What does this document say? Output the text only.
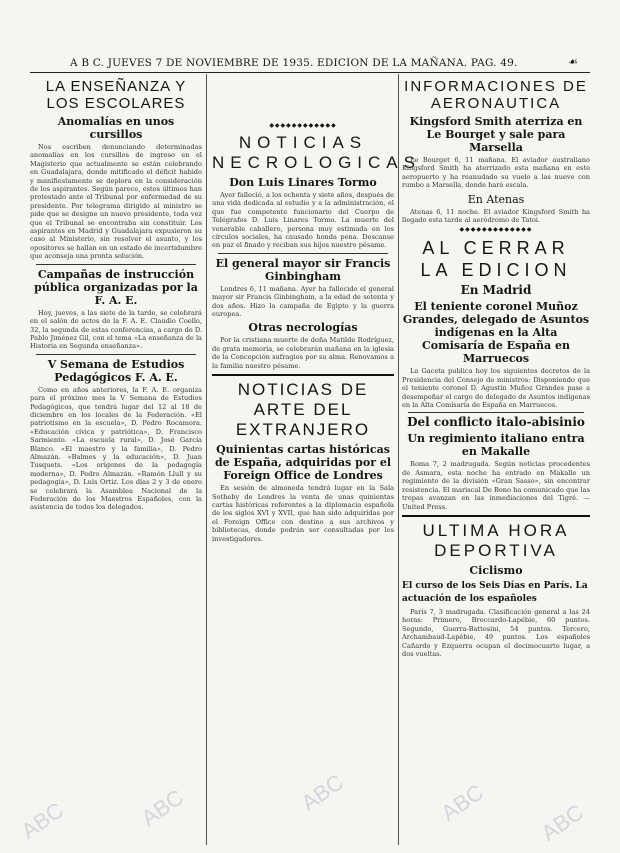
A B C. JUEVES 7 DE NOVIEMBRE DE 1935. EDICION DE LA MAÑANA. PAG. 49.	☙
LA ENSEÑANZA Y LOS ESCOLARES
Anomalías en unos cursillos

Nos escriben denunciando determinadas anomalías en los cursillos de ingreso en el Magisterio que actualmente se están celebrando en Guadalajara, donde mitificado el déficit habido y manifiestamente se deplora en la consideración de los aspirantes. Según parece, estos últimos han protestado ante el Tribunal por enfermedad de su presidente. Por telegrama dirigido al ministro se pide que se designe un nuevo presidente, toda vez que el Tribunal se encontraba sin constituir. Los aspirantes en Madrid y Guadalajara expusieron su caso al Ministerio, sin resolver el asunto, y los opositores se hallan en un estado de incertidumbre que aconseja una pronta solución.

Campañas de instrucción pública organizadas por la F. A. E.

Hoy, jueves, a las siete de la tarde, se celebrará en el salón de actos de la F. A. E. Claudio Coello, 32, la segunda de estas conferencias, a cargo de D. Pablo Jiménez Gil, con el tema «La enseñanza de la Historia en Segunda enseñanza».

V Semana de Estudios Pedagógicos F. A. E.

Como en años anteriores, la F. A. E. organiza para el próximo mes la V Semana de Estudios Pedagógicos, que tendrá lugar del 12 al 18 de diciembre en los locales de la Federación. «El patriotismo en la escuela», D. Pedro Rocamora. «Educación cívica y patriótica», D. Francisco Sarmiento. «La escuela rural», D. José García Blanco. «El maestro y la familia», D. Pedro Almazán. «Balmes y la educación», D. Juan Tusquets. «Los orígenes de la pedagogía moderna», D. Pedro Almazán. «Ramón Llull y su pedagogía», D. Luis Ortiz. Los días 2 y 3 de enero se celebrará la Asamblea Nacional de la Federación de los Maestros Españoles, con la asistencia de todos los delegados.

◆◆◆◆◆◆◆◆◆◆◆◆
NOTICIAS NECROLOGICAS
Don Luis Linares Tormo

Ayer falleció, a los ochenta y siete años, después de una vida dedicada al estudio y a la administración, el que fue competente funcionario del Cuerpo de Telégrafos D. Luis Linares Tormo. La muerte del venerable caballero, persona muy estimada en los círculos sociales, ha causado honda pena. Descanse en paz el finado y reciban sus hijos nuestro pésame.

El general mayor sir Francis Ginbingham

Londres 6, 11 mañana. Ayer ha fallecido el general mayor sir Francis Ginbingham, a la edad de setenta y dos años. Hizo la campaña de Egipto y la guerra europea.

Otras necrologías

Por la cristiana muerte de doña Matilde Rodríguez, de grata memoria, se celebrarán mañana en la iglesia de la Concepción sufragios por su alma. Renovamos a la familia nuestro pésame.

NOTICIAS DE ARTE DEL EXTRANJERO
Quinientas cartas históricas de España, adquiridas por el Foreign Office de Londres

En sesión de almoneda tendrá lugar en la Sala Sotheby de Londres la venta de unas quinientas cartas históricas referentes a la diplomacia española de los siglos XVI y XVII, que han sido adquiridas por el Foreign Office con destino a sus archivos y bibliotecas, donde podrán ser consultadas por los investigadores.

INFORMACIONES DE AERONAUTICA
Kingsford Smith aterriza en Le Bourget y sale para Marsella

Le Bourget 6, 11 mañana. El aviador australiano Kingsford Smith ha aterrizado esta mañana en este aeropuerto y ha reanudado su vuelo a las nueve con rumbo a Marsella, donde hará escala.

En Atenas

Atenas 6, 11 noche. El aviador Kingsford Smith ha llegado esta tarde al aeródromo de Tatoi.

◆◆◆◆◆◆◆◆◆◆◆◆◆
AL CERRAR LA EDICION
En Madrid
El teniente coronel Muñoz Grandes, delegado de Asuntos indígenas en la Alta Comisaría de España en Marruecos

La Gaceta publica hoy los siguientes decretos de la Presidencia del Consejo de ministros: Disponiendo que el teniente coronel D. Agustín Muñoz Grandes pase a desempeñar el cargo de delegado de Asuntos indígenas en la Alta Comisaría de España en Marruecos.

Del conflicto italo-abisinio
Un regimiento italiano entra en Makalle

Roma 7, 2 madrugada. Según noticias procedentes de Asmara, esta noche ha entrado en Makalle un regimiento de la división «Gran Sasso», sin encontrar resistencia. El mariscal De Bono ha comunicado que las tropas avanzan en las inmediaciones del Tigré. — United Press.

ULTIMA HORA DEPORTIVA
Ciclismo
El curso de los Seis Días en París. La actuación de los españoles

París 7, 3 madrugada. Clasificación general a las 24 horas: Primero, Broccardo-Lapébie, 60 puntos. Segundo, Guerra-Battesini, 54 puntos. Tercero, Archambaud-Lapébie, 49 puntos. Los españoles Cañardo y Ezquerra ocupan el decimocuarto lugar, a dos vueltas.

ABC	ABC	ABC	ABC ABC
